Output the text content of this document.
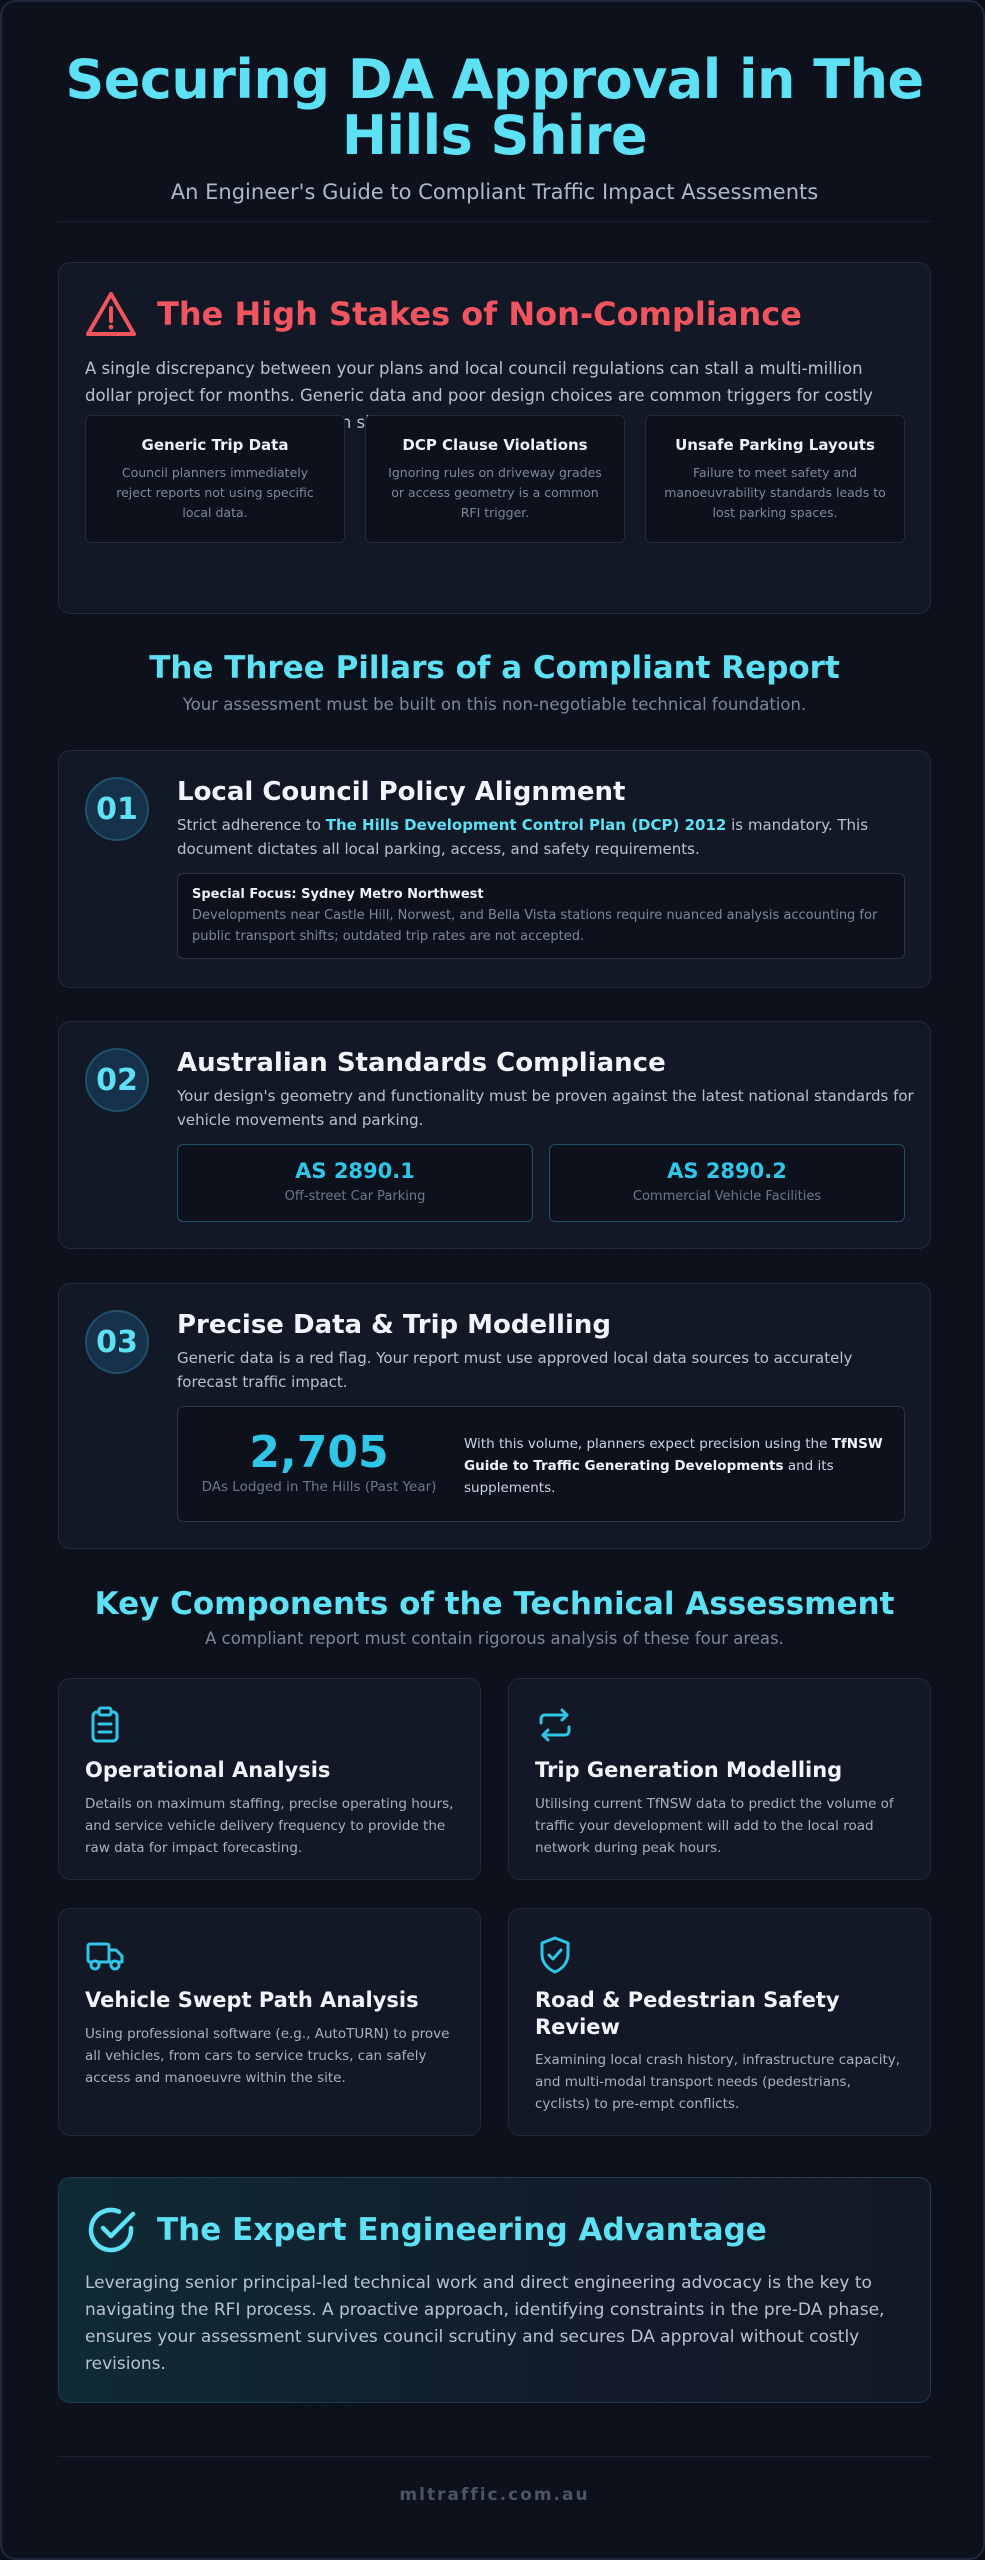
Securing DA Approval in The Hills Shire
An Engineer's Guide to Compliant Traffic Impact Assessments
The High Stakes of Non-Compliance
A single discrepancy between your plans and local council regulations can stall a multi-million dollar project for months. Generic data and poor design choices are common triggers for costly
Generic Trip Data
Council planners immediately reject reports not using specific local data.
DCP Clause Violations
Ignoring rules on driveway grades or access geometry is a common RFI trigger.
Unsafe Parking Layouts
Failure to meet safety and manoeuvrability standards leads to lost parking spaces.
The Three Pillars of a Compliant Report
Your assessment must be built on this non-negotiable technical foundation.
01	Local Council Policy Alignment
Strict adherence to The Hills Development Control Plan (DCP) 2012 is mandatory. This document dictates all local parking, access, and safety requirements.
Special Focus: Sydney Metro Northwest
Developments near Castle Hill, Norwest, and Bella Vista stations require nuanced analysis accounting for public transport shifts; outdated trip rates are not accepted.
02	Australian Standards Compliance
Your design's geometry and functionality must be proven against the latest national standards for vehicle movements and parking.
AS 2890.1
Off-street Car Parking
AS 2890.2
Commercial Vehicle Facilities
03	Precise Data & Trip Modelling
Generic data is a red flag. Your report must use approved local data sources to accurately forecast traffic impact.
2,705
DAs Lodged in The Hills (Past Year)
With this volume, planners expect precision using the TfNSW Guide to Traffic Generating Developments and its supplements.
Key Components of the Technical Assessment
A compliant report must contain rigorous analysis of these four areas.
Operational Analysis
Details on maximum staffing, precise operating hours, and service vehicle delivery frequency to provide the raw data for impact forecasting.
Trip Generation Modelling
Utilising current TfNSW data to predict the volume of traffic your development will add to the local road network during peak hours.
Vehicle Swept Path Analysis
Using professional software (e.g., AutoTURN) to prove all vehicles, from cars to service trucks, can safely access and manoeuvre within the site.
Road & Pedestrian Safety Review
Examining local crash history, infrastructure capacity, and multi-modal transport needs (pedestrians, cyclists) to pre-empt conflicts.
The Expert Engineering Advantage
Leveraging senior principal-led technical work and direct engineering advocacy is the key to navigating the RFI process. A proactive approach, identifying constraints in the pre-DA phase, ensures your assessment survives council scrutiny and secures DA approval without costly revisions.
mltraffic.com.au
